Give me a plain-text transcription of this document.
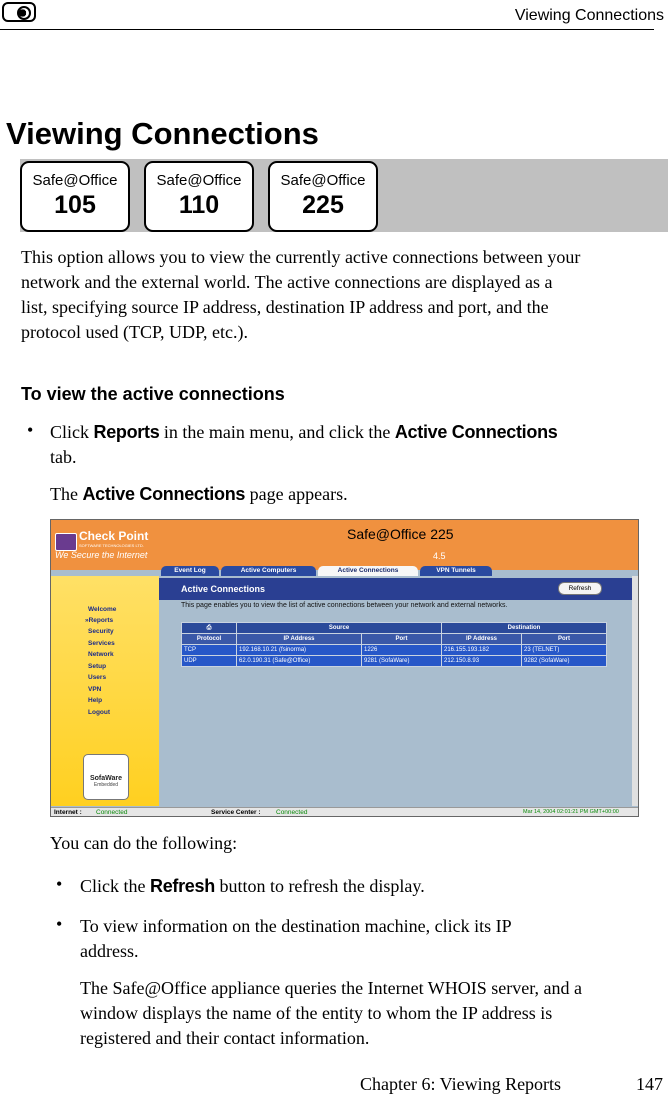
Viewing Connections
Viewing Connections
Safe@Office
105
Safe@Office
110
Safe@Office
225
This option allows you to view the currently active connections between your
network and the external world. The active connections are displayed as a
list, specifying source IP address, destination IP address and port, and the
protocol used (TCP, UDP, etc.).
To view the active connections
• Click Reports in the main menu, and click the Active Connections
tab.
The Active Connections page appears.
Check Point
SOFTWARE TECHNOLOGIES LTD.
We Secure the Internet
Safe@Office 225
4.5
Event Log	Active Computers	Active Connections	VPN Tunnels
Welcome
»Reports
Security
Services
Network
Setup
Users
VPN
Help
Logout
SofaWare
Embedded
Active Connections	Refresh
This page enables you to view the list of active connections between your network and external networks.
⎙	Source		Destination	
Protocol	IP Address	Port	IP Address	Port
TCP	192.168.10.21 (fsinorma)	1226	216.155.193.182	23 (TELNET)
UDP	62.0.190.31 (Safe@Office)	9281 (SofaWare)	212.150.8.93	9282 (SofaWare)
Internet : Connected	Service Center : Connected	Mar 14, 2004 02:01:21 PM GMT+00:00
You can do the following:
• Click the Refresh button to refresh the display.
• To view information on the destination machine, click its IP
address.
The Safe@Office appliance queries the Internet WHOIS server, and a
window displays the name of the entity to whom the IP address is
registered and their contact information.
Chapter 6: Viewing Reports	147
